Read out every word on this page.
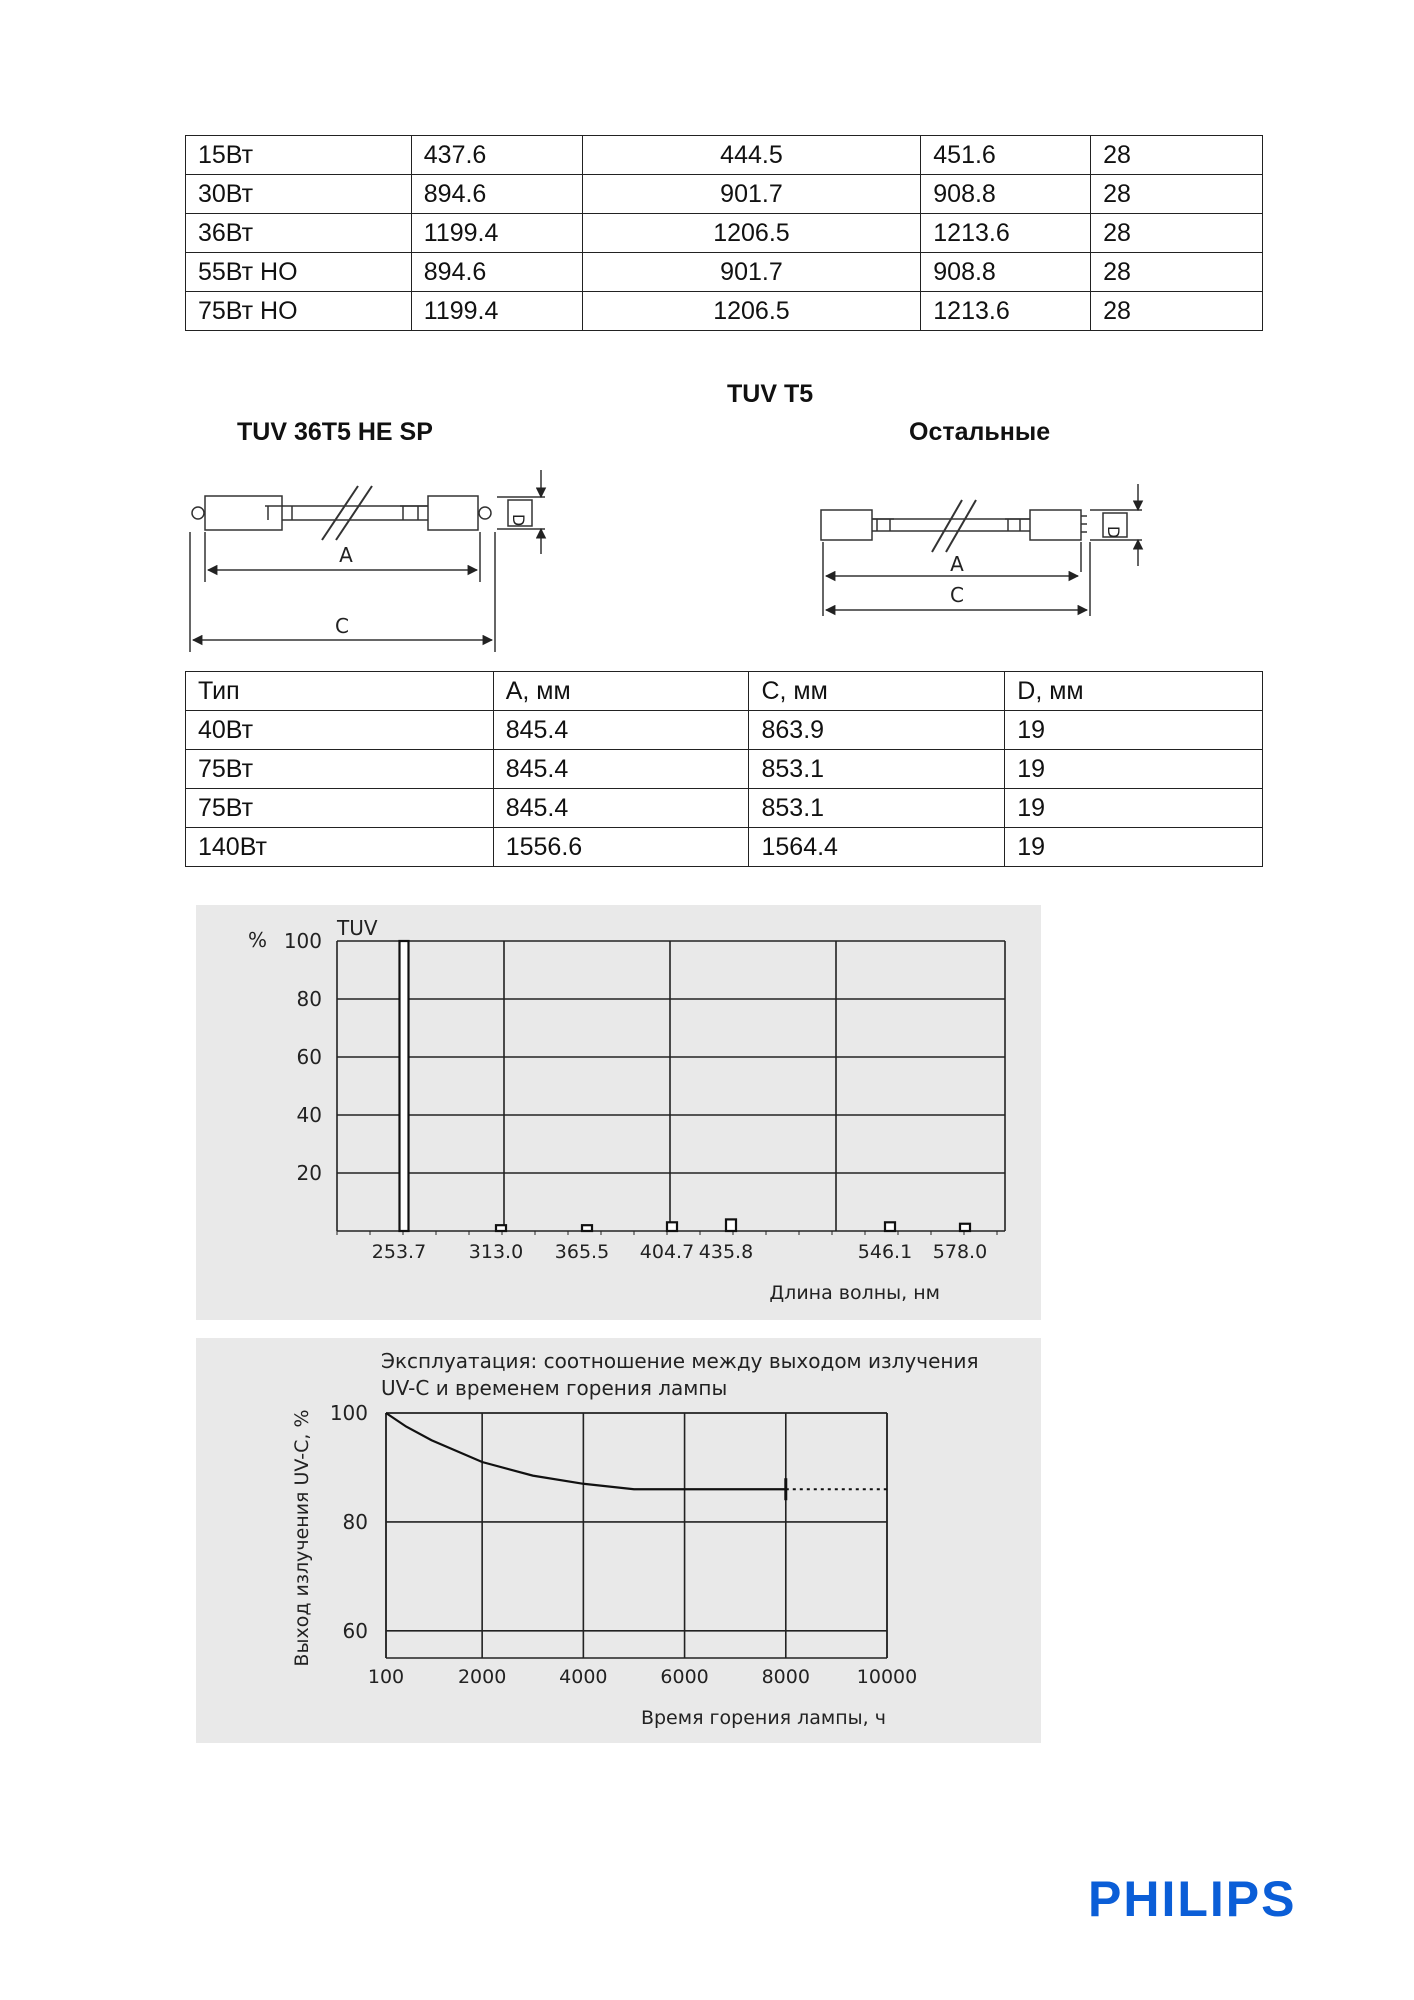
15Вт	437.6	444.5	451.6	28
30Вт	894.6	901.7	908.8	28
36Вт	1199.4	1206.5	1213.6	28
55Вт HO	894.6	901.7	908.8	28
75Вт HO	1199.4	1206.5	1213.6	28
TUV T5
TUV 36T5 HE SP	Остальные
A
C
D
A
C
D
Тип	A, мм	C, мм	D, мм
40Вт	845.4	863.9	19
75Вт	845.4	853.1	19
75Вт	845.4	853.1	19
140Вт	1556.6	1564.4	19
20
40
60
80
100
253.7 313.0 365.5 404.7 435.8	546.1 578.0
TUV
%
Длина волны, нм
100	2000	4000	6000	8000 10000
60
80
100
Эксплуатация: соотношение между выходом излучения
UV-C и временем горения лампы
Время горения лампы, ч
Выход излучения UV-C, %
PHILIPS
